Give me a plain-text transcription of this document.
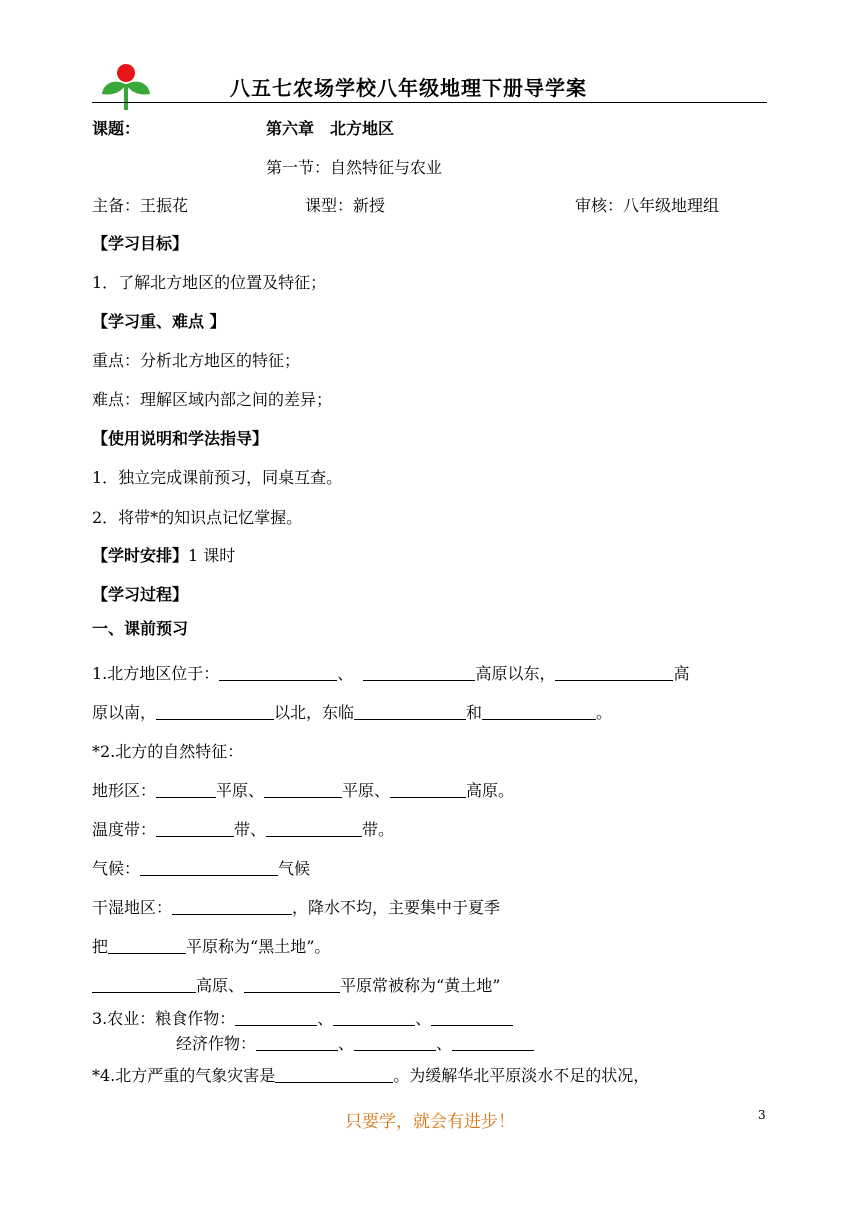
八五七农场学校八年级地理下册导学案
课题：	第六章　北方地区
第一节：自然特征与农业
主备：王振花	课型：新授	审核：八年级地理组
【学习目标】
1．了解北方地区的位置及特征；
【学习重、难点 】
重点：分析北方地区的特征；
难点：理解区域内部之间的差异；
【使用说明和学法指导】
1．独立完成课前预习，同桌互查。
2．将带*的知识点记忆掌握。
【学时安排】1 课时
【学习过程】
一、课前预习
1.北方地区位于：	、	高原以东，	高
原以南，	以北，东临	和	。
*2.北方的自然特征：
地形区：	平原、	平原、	高原。
温度带：	带、	带。
气候：	气候
干湿地区：	，降水不均，主要集中于夏季
把	平原称为“黑土地”。
高原、	平原常被称为“黄土地”
3.农业：粮食作物：	、	、
经济作物：	、	、
*4.北方严重的气象灾害是	。为缓解华北平原淡水不足的状况，
只要学，就会有进步！	3
